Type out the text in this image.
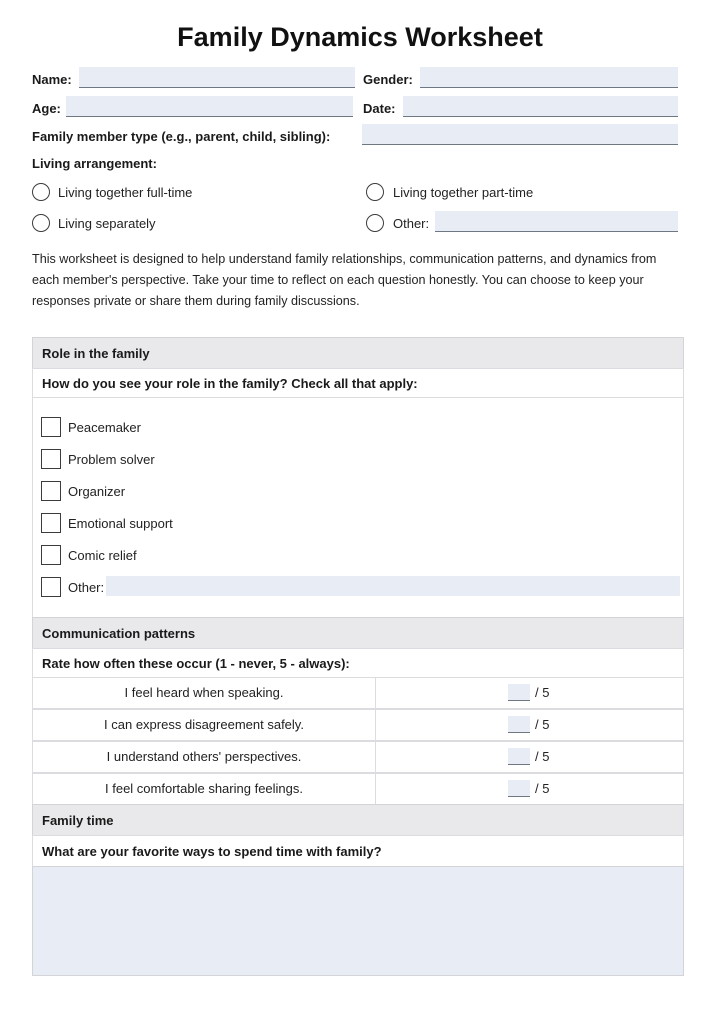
Family Dynamics Worksheet
Name:	Gender:
Age:	Date:
Family member type (e.g., parent, child, sibling):
Living arrangement:
Living together full-time	Living together part-time
Living separately	Other:
This worksheet is designed to help understand family relationships, communication patterns, and dynamics from each member's perspective. Take your time to reflect on each question honestly. You can choose to keep your responses private or share them during family discussions.
Role in the family
How do you see your role in the family? Check all that apply:
Peacemaker
Problem solver
Organizer
Emotional support
Comic relief
Other:
Communication patterns
Rate how often these occur (1 - never, 5 - always):
I feel heard when speaking.	/ 5
I can express disagreement safely.	/ 5
I understand others' perspectives.	/ 5
I feel comfortable sharing feelings.	/ 5
Family time
What are your favorite ways to spend time with family?
